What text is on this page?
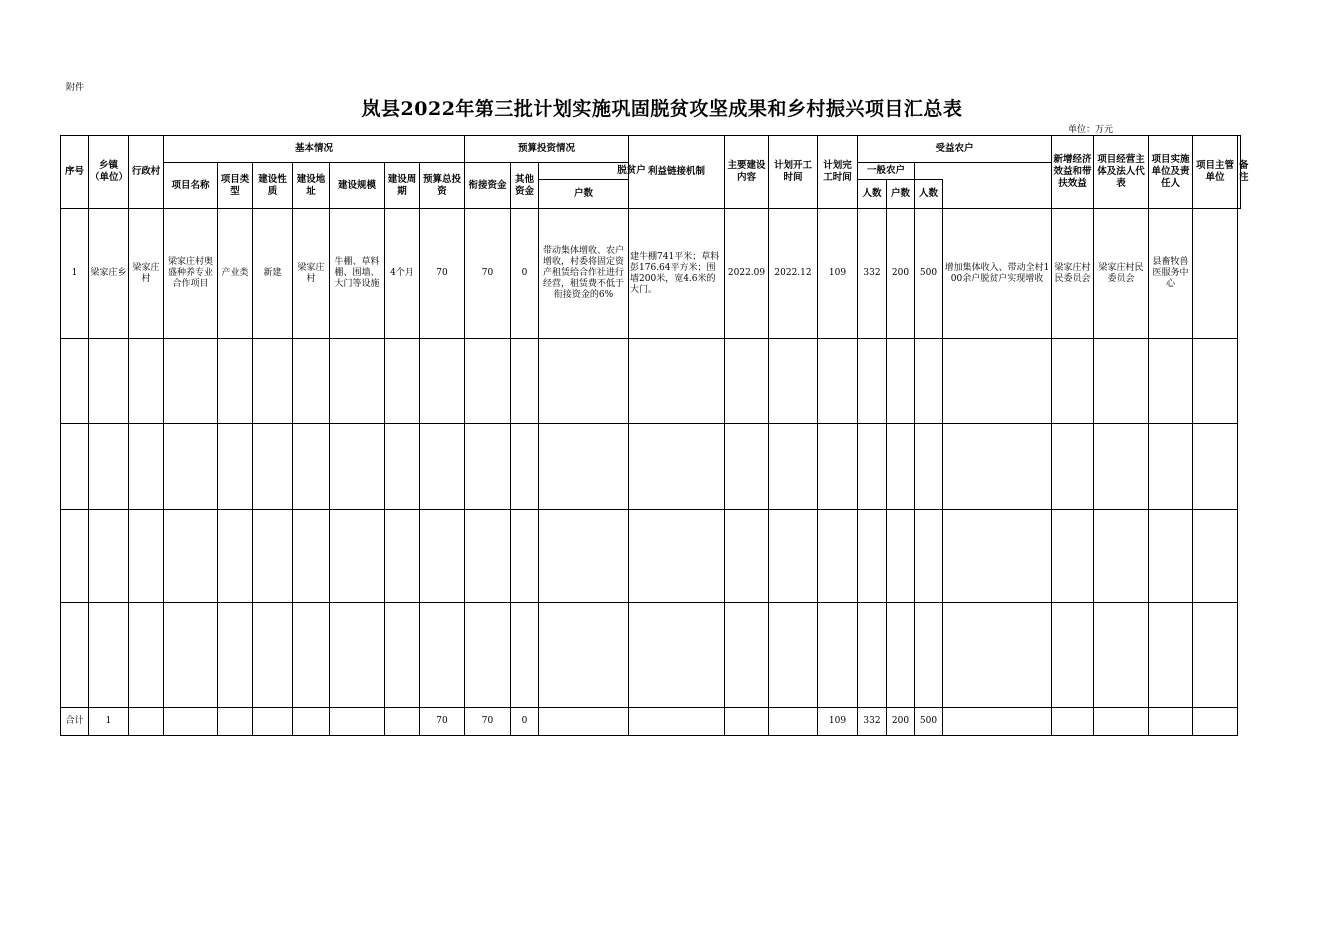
附件
岚县2022年第三批计划实施巩固脱贫攻坚成果和乡村振兴项目汇总表
单位：万元
序号	乡镇（单位）	行政村	基本情况							预算投资情况			利益链接机制	主要建设内容	计划开工时间	计划完工时间	受益农户				新增经济效益和带扶效益	项目经营主体及法人代表	项目实施单位及责任人	项目主管单位	备注
			项目名称	项目类型	建设性质	建设地址	建设规模	建设周期	预算总投资	衔接资金	其他资金	脱贫户					一般农户								
												户数					人数	户数	人数						
1	梁家庄乡	梁家庄村	梁家庄村奥盛种养专业合作项目	产业类	新建	梁家庄村	牛棚、草料棚、围墙、大门等设施	4个月	70	70	0	带动集体增收、农户增收，村委将固定资产租赁给合作社进行经营，租赁费不低于衔接资金的6%	建牛棚741平米；草料彭176.64平方米；围墙200米，宽4.6米的大门。	2022.09	2022.12	109	332	200	500	增加集体收入、带动全村100余户脱贫户实现增收	梁家庄村民委员会	梁家庄村民委员会	县畜牧兽医服务中心		

合计	1								70	70	0					109	332	200	500						
